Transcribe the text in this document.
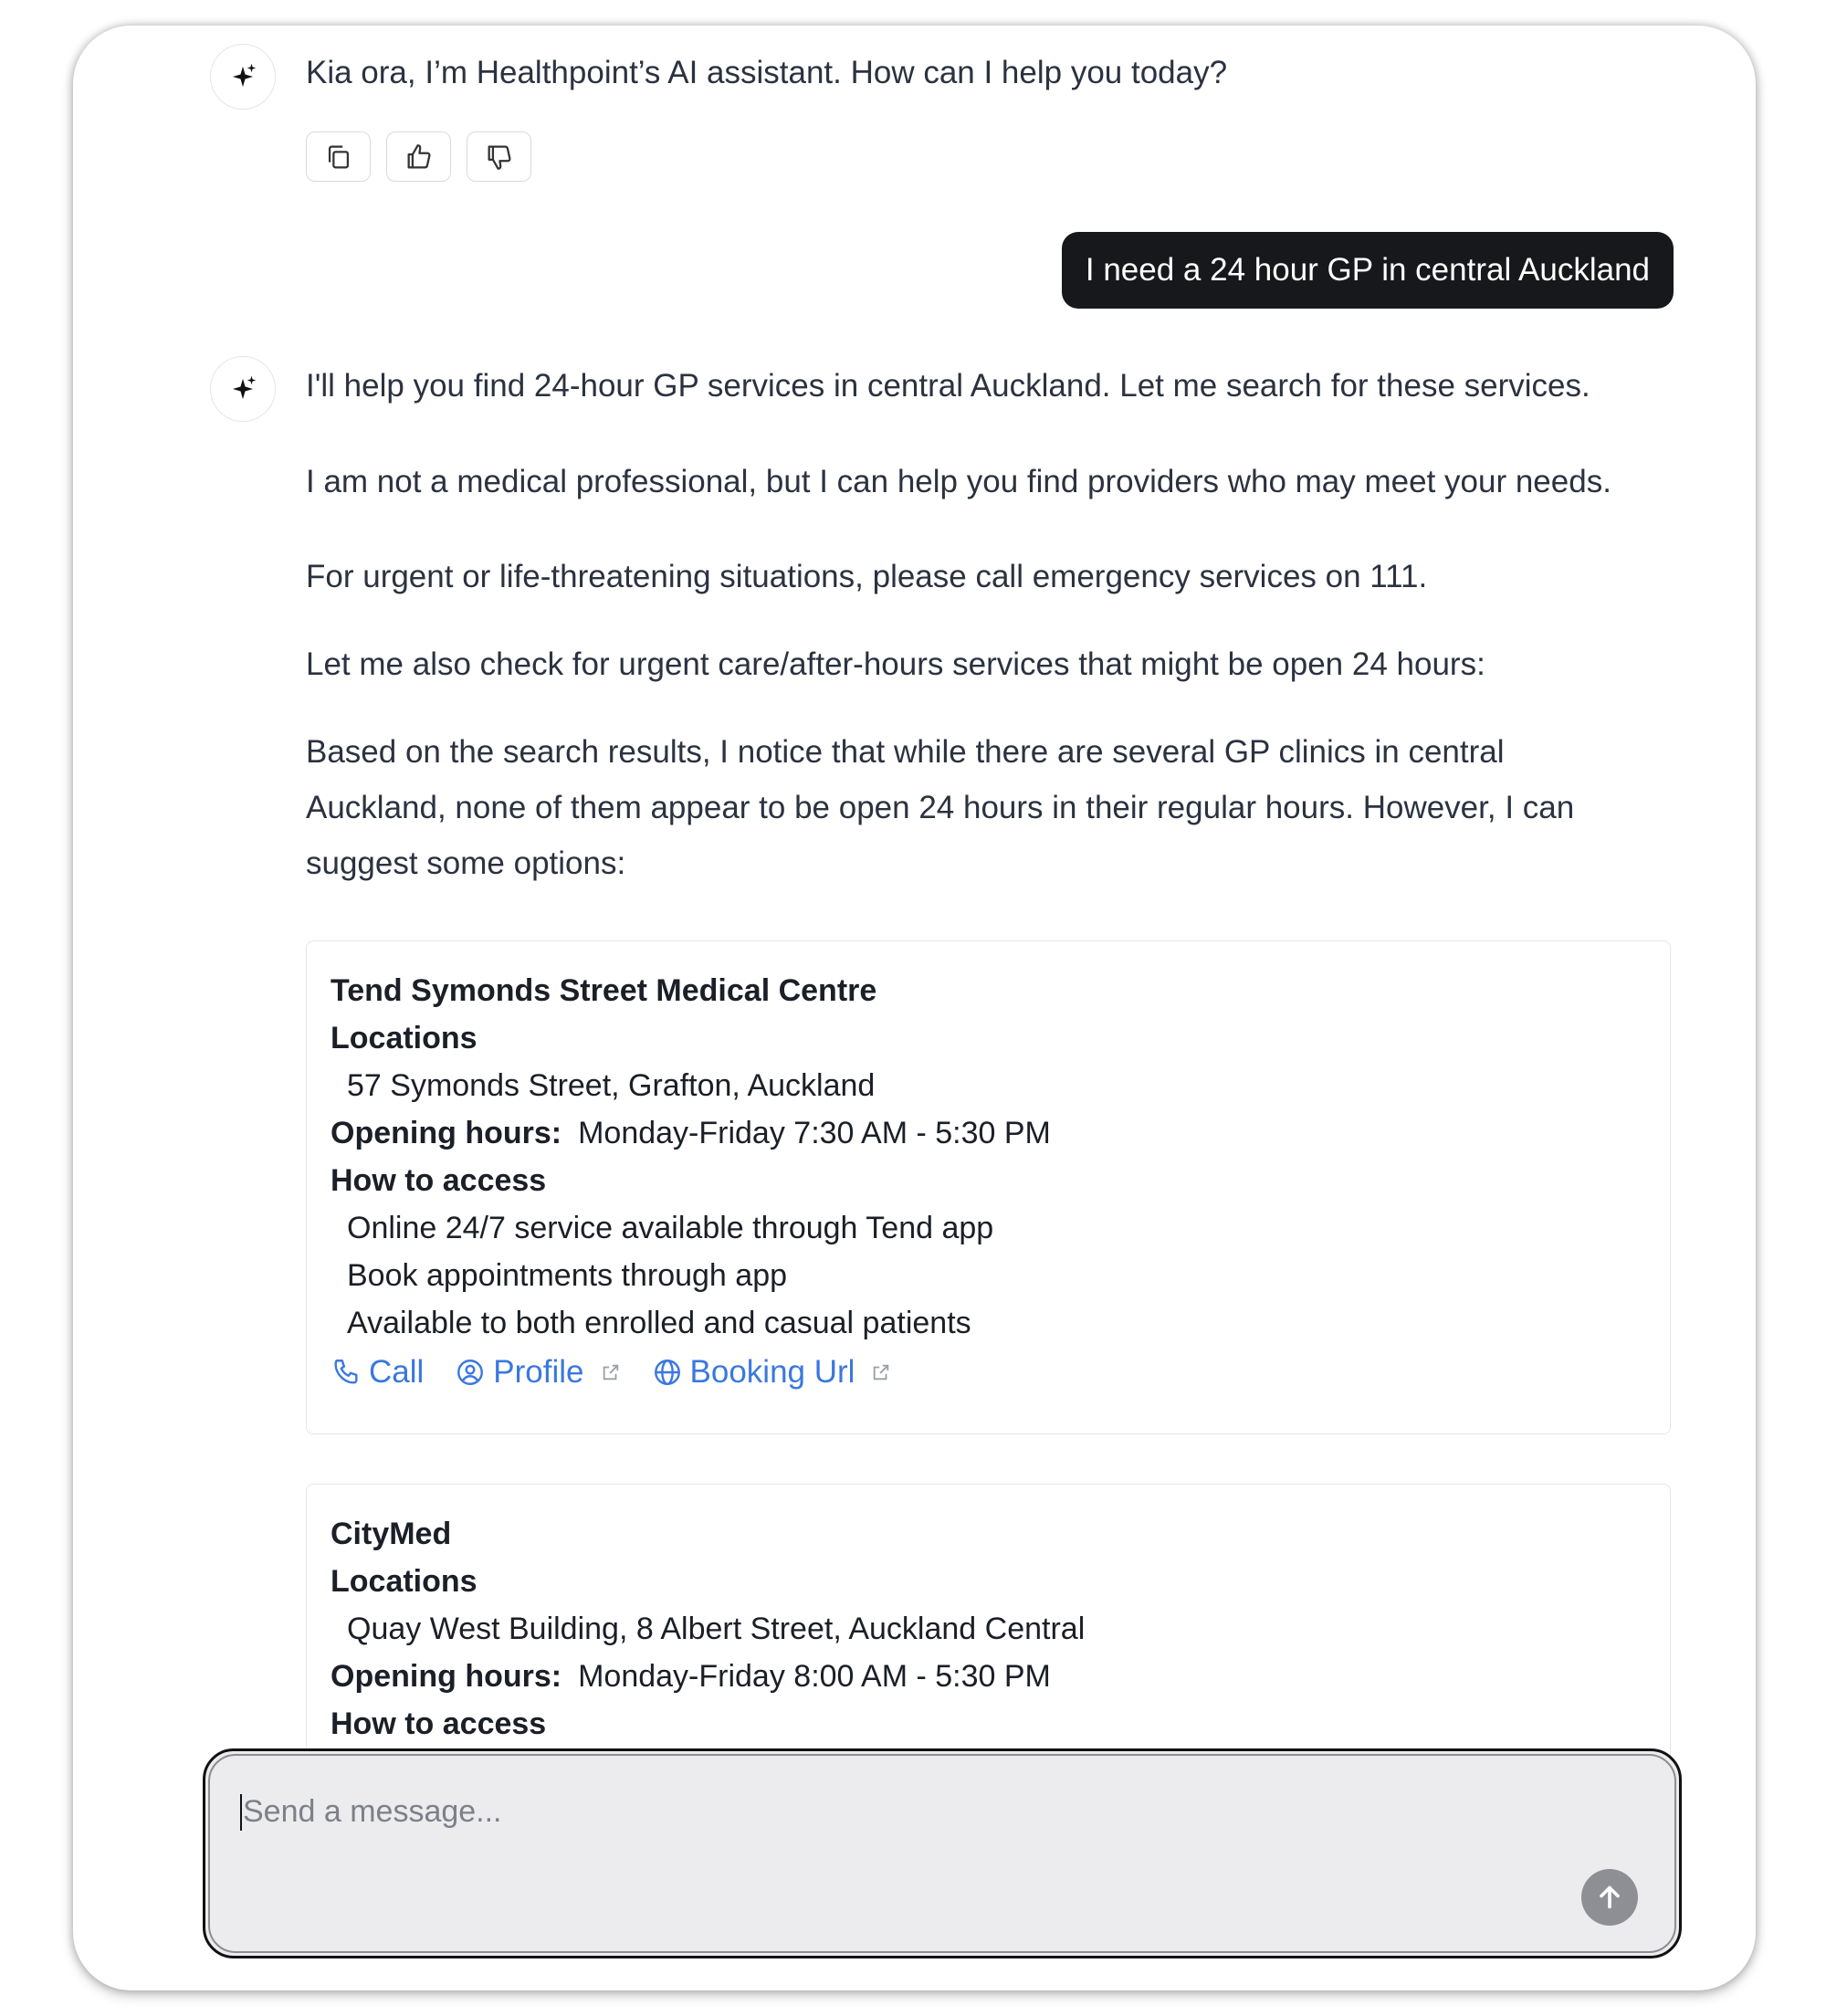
Kia ora, I’m Healthpoint’s AI assistant. How can I help you today?
I need a 24 hour GP in central Auckland
I'll help you find 24-hour GP services in central Auckland. Let me search for these services.
I am not a medical professional, but I can help you find providers who may meet your needs.
For urgent or life-threatening situations, please call emergency services on 111.
Let me also check for urgent care/after-hours services that might be open 24 hours:
Based on the search results, I notice that while there are several GP clinics in central
Auckland, none of them appear to be open 24 hours in their regular hours. However, I can
suggest some options:
Tend Symonds Street Medical Centre
Locations
57 Symonds Street, Grafton, Auckland
Opening hours: Monday-Friday 7:30 AM - 5:30 PM
How to access
Online 24/7 service available through Tend app
Book appointments through app
Available to both enrolled and casual patients
Call Profile	Booking Url
CityMed
Locations
Quay West Building, 8 Albert Street, Auckland Central
Opening hours: Monday-Friday 8:00 AM - 5:30 PM
How to access
Send a message...
